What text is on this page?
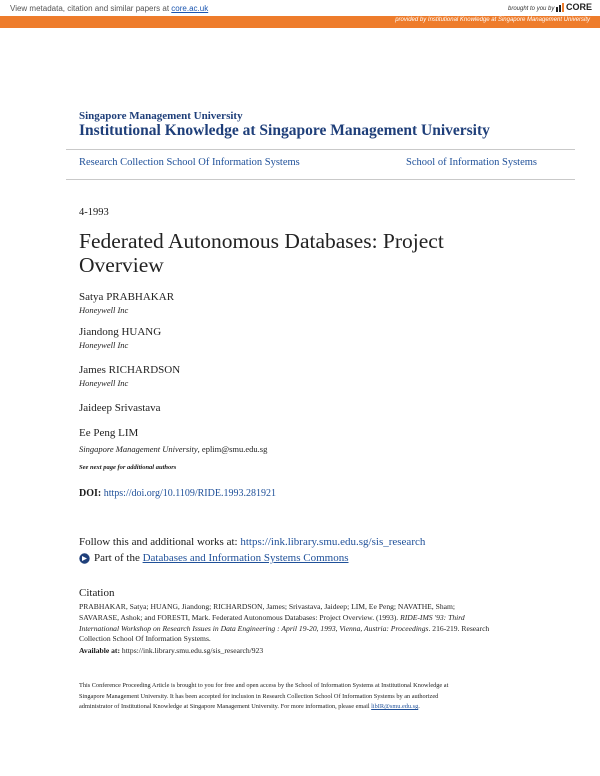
View metadata, citation and similar papers at core.ac.uk	brought to you by CORE
provided by Institutional Knowledge at Singapore Management University
Singapore Management University
Institutional Knowledge at Singapore Management University
Research Collection School Of Information Systems	School of Information Systems
4-1993
Federated Autonomous Databases: Project Overview
Satya PRABHAKAR
Honeywell Inc
Jiandong HUANG
Honeywell Inc
James RICHARDSON
Honeywell Inc
Jaideep Srivastava
Ee Peng LIM
Singapore Management University, eplim@smu.edu.sg
See next page for additional authors
DOI: https://doi.org/10.1109/RIDE.1993.281921
Follow this and additional works at: https://ink.library.smu.edu.sg/sis_research
Part of the Databases and Information Systems Commons
Citation
PRABHAKAR, Satya; HUANG, Jiandong; RICHARDSON, James; Srivastava, Jaideep; LIM, Ee Peng; NAVATHE, Sham;
SAVARASE, Ashok; and FORESTI, Mark. Federated Autonomous Databases: Project Overview. (1993). RIDE-IMS '93: Third
International Workshop on Research Issues in Data Engineering : April 19-20, 1993, Vienna, Austria: Proceedings. 216-219. Research
Collection School Of Information Systems.
Available at: https://ink.library.smu.edu.sg/sis_research/923
This Conference Proceeding Article is brought to you for free and open access by the School of Information Systems at Institutional Knowledge at
Singapore Management University. It has been accepted for inclusion in Research Collection School Of Information Systems by an authorized
administrator of Institutional Knowledge at Singapore Management University. For more information, please email libIR@smu.edu.sg.
